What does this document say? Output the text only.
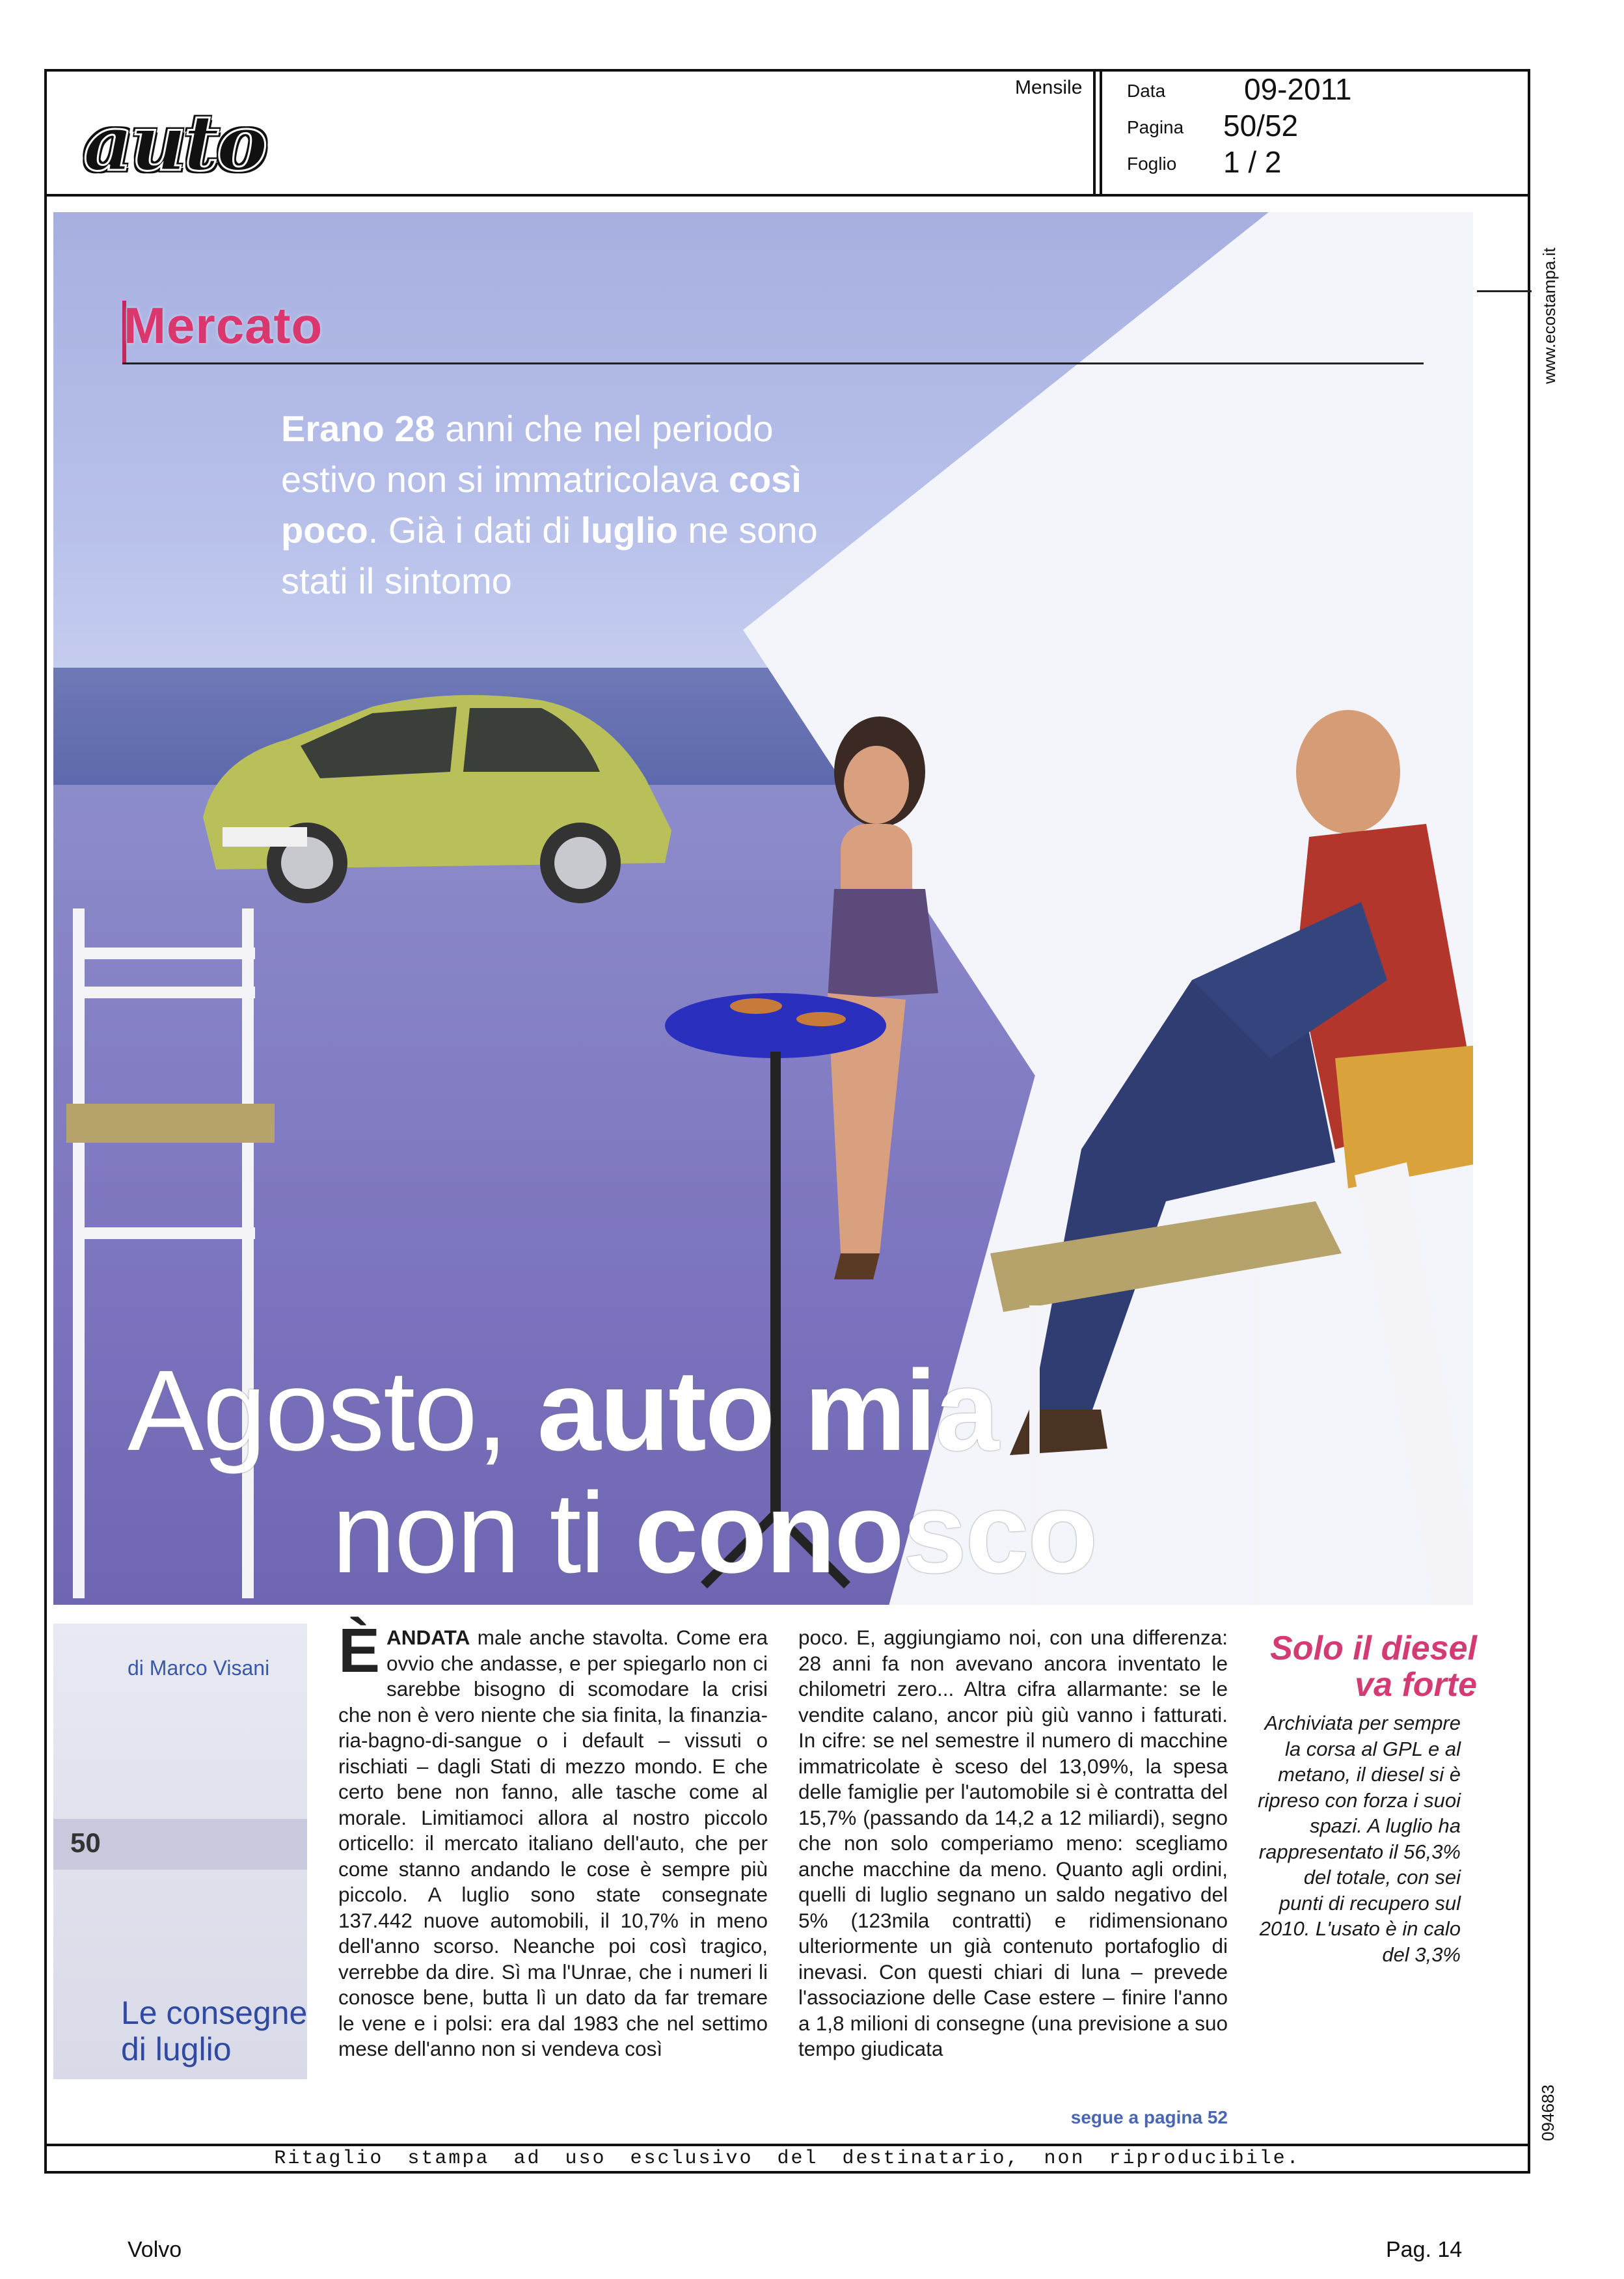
auto
Mensile Data
Pagina
Foglio
09-2011
50/52
1 / 2
Mercato
Erano 28 anni che nel periodo estivo non si immatricolava così poco. Già i dati di luglio ne sono stati il sintomo
Agosto, auto mia
non ti conosco
50
di Marco Visani
Le consegne di luglio
ÈANDATA male anche stavolta. Come era ovvio che andasse, e per spiegarlo non ci sarebbe bisogno di scomodare la crisi che non è vero niente che sia finita, la finanzia-ria-bagno-di-sangue o i default – vissuti o rischiati – dagli Stati di mezzo mondo. E che certo bene non fanno, alle tasche come al morale. Limitiamoci allora al nostro piccolo orticello: il mercato italiano dell'auto, che per come stanno andando le cose è sempre più piccolo. A luglio sono state consegnate 137.442 nuove automobili, il 10,7% in meno dell'anno scorso. Neanche poi così tragico, verrebbe da dire. Sì ma l'Unrae, che i numeri li conosce bene, butta lì un dato da far tremare le vene e i polsi: era dal 1983 che nel settimo mese dell'anno non si vendeva così
poco. E, aggiungiamo noi, con una differenza: 28 anni fa non avevano ancora inventato le chilometri zero... Altra cifra allarmante: se le vendite calano, ancor più giù vanno i fatturati. In cifre: se nel semestre il numero di macchine immatricolate è sceso del 13,09%, la spesa delle famiglie per l'automobile si è contratta del 15,7% (passando da 14,2 a 12 miliardi), segno che non solo comperiamo meno: scegliamo anche macchine da meno. Quanto agli ordini, quelli di luglio segnano un saldo negativo del 5% (123mila contratti) e ridimensionano ulteriormente un già contenuto portafoglio di inevasi. Con questi chiari di luna – prevede l'associazione delle Case estere – finire l'anno a 1,8 milioni di consegne (una previsione a suo tempo giudicata
Solo il diesel va forte
Archiviata per sempre la corsa al GPL e al metano, il diesel si è ripreso con forza i suoi spazi. A luglio ha rappresentato il 56,3% del totale, con sei punti di recupero sul 2010. L'usato è in calo del 3,3%
segue a pagina 52
www.ecostampa.it
094683
Ritaglio stampa ad uso esclusivo del destinatario, non riproducibile.
Volvo	Pag. 14
